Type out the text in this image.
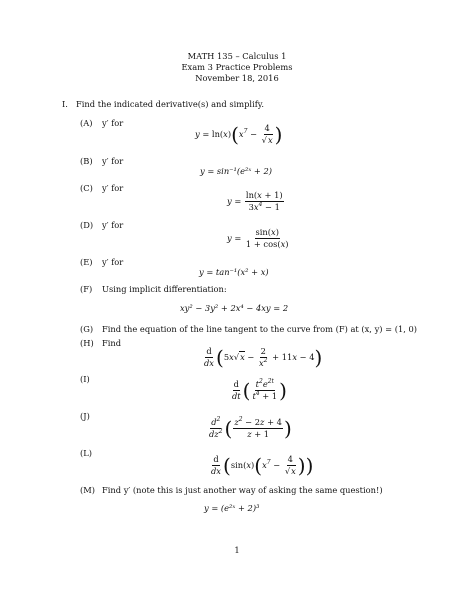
MATH 135 – Calculus 1
Exam 3 Practice Problems
November 18, 2016
I. Find the indicated derivative(s) and simplify.
(A) y′ for
$y = \ln(x)(x^7 - \frac{4}{√x}$ )
(B) y′ for
y = sin⁻¹(e²ˣ + 2)
(C) y′ for
$y = \frac{\ln(x + 1)}{3x^4 - 1}$
(D) y′ for
$y = \frac{\sin(x)}{1 + \cos(x)}$
(E) y′ for
y = tan⁻¹(x² + x)
(F) Using implicit differentiation:
xy² − 3y² + 2x⁴ − 4xy = 2
(G) Find the equation of the line tangent to the curve from (F) at (x, y) = (1, 0)
(H) Find
$\frac{d}{dx} (5x√x - \frac{2}{x^2} + 11x - 4)$
(I)
$\frac{d}{dt}$ ( $\frac{t^2e^{2t}}{t^4 + 1}$ )
(J)
$\frac{d^2}{dz^2}$ ( $\frac{z^2 - 2z + 4}{z + 1}$ )
(L)
$\frac{d}{dx} (\sin(x)(x^7 - \frac{4}{√x}$ ))
(M) Find y′ (note this is just another way of asking the same question!)
y = (e²ˣ + 2)³
1
